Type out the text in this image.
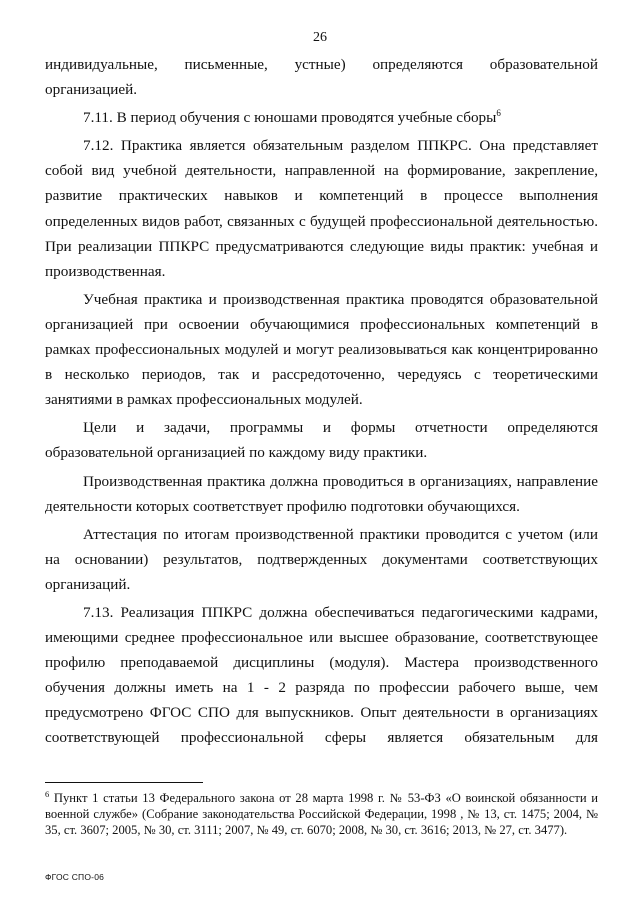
26

индивидуальные, письменные, устные) определяются образовательной организацией.

7.11. В период обучения с юношами проводятся учебные сборы$^6$

7.12. Практика является обязательным разделом ППКРС. Она представляет собой вид учебной деятельности, направленной на формирование, закрепление, развитие практических навыков и компетенций в процессе выполнения определенных видов работ, связанных с будущей профессиональной деятельностью. При реализации ППКРС предусматриваются следующие виды практик: учебная и производственная.

Учебная практика и производственная практика проводятся образовательной организацией при освоении обучающимися профессиональных компетенций в рамках профессиональных модулей и могут реализовываться как концентрированно в несколько периодов, так и рассредоточенно, чередуясь с теоретическими занятиями в рамках профессиональных модулей.

Цели и задачи, программы и формы отчетности определяются образовательной организацией по каждому виду практики.

Производственная практика должна проводиться в организациях, направление деятельности которых соответствует профилю подготовки обучающихся.

Аттестация по итогам производственной практики проводится с учетом (или на основании) результатов, подтвержденных документами соответствующих организаций.

7.13. Реализация ППКРС должна обеспечиваться педагогическими кадрами, имеющими среднее профессиональное или высшее образование, соответствующее профилю преподаваемой дисциплины (модуля). Мастера производственного обучения должны иметь на 1 - 2 разряда по профессии рабочего выше, чем предусмотрено ФГОС СПО для выпускников. Опыт деятельности в организациях соответствующей профессиональной сферы является обязательным для

$^6$ Пункт 1 статьи 13 Федерального закона от 28 марта 1998 г. № 53-ФЗ «О воинской обязанности и военной службе» (Собрание законодательства Российской Федерации, 1998 , № 13, ст. 1475; 2004, № 35, ст. 3607; 2005, № 30, ст. 3111; 2007, № 49, ст. 6070; 2008, № 30, ст. 3616; 2013, № 27, ст. 3477).
ФГОС СПО-06
